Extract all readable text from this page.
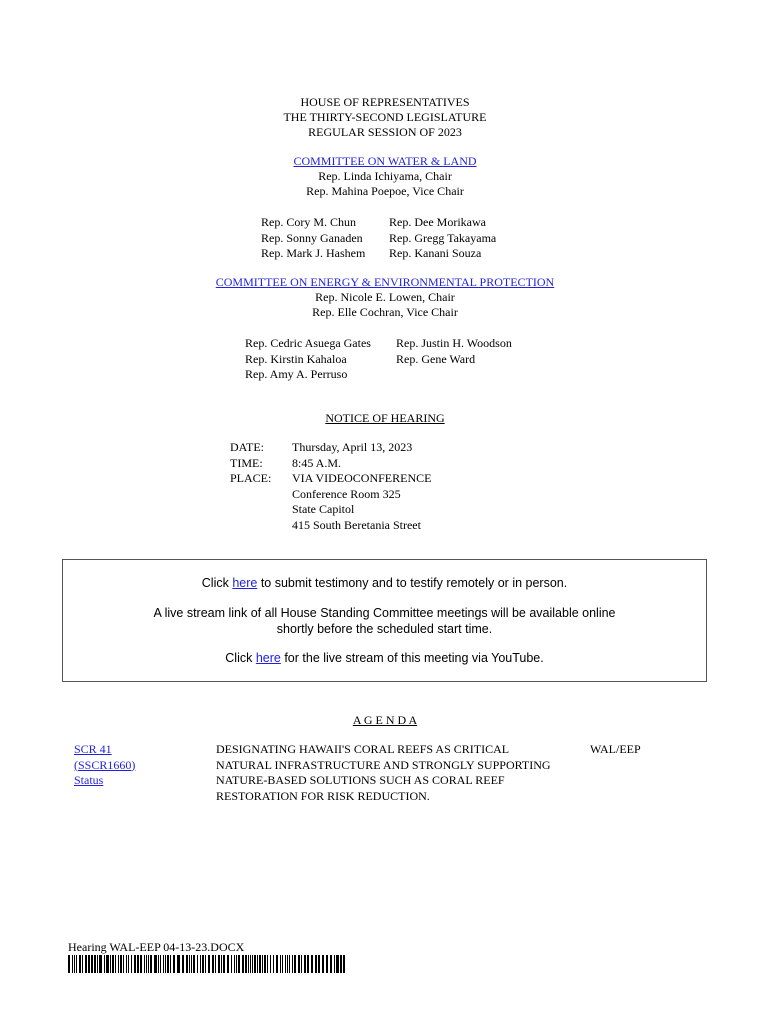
HOUSE OF REPRESENTATIVES
THE THIRTY-SECOND LEGISLATURE
REGULAR SESSION OF 2023
COMMITTEE ON WATER & LAND
Rep. Linda Ichiyama, Chair
Rep. Mahina Poepoe, Vice Chair
Rep. Cory M. Chun
Rep. Sonny Ganaden
Rep. Mark J. Hashem
Rep. Dee Morikawa
Rep. Gregg Takayama
Rep. Kanani Souza
COMMITTEE ON ENERGY & ENVIRONMENTAL PROTECTION
Rep. Nicole E. Lowen, Chair
Rep. Elle Cochran, Vice Chair
Rep. Cedric Asuega Gates
Rep. Kirstin Kahaloa
Rep. Amy A. Perruso
Rep. Justin H. Woodson
Rep. Gene Ward
NOTICE OF HEARING
DATE:
TIME:
PLACE:
Thursday, April 13, 2023
8:45 A.M.
VIA VIDEOCONFERENCE
Conference Room 325
State Capitol
415 South Beretania Street
Click here to submit testimony and to testify remotely or in person.
A live stream link of all House Standing Committee meetings will be available online
shortly before the scheduled start time.
Click here for the live stream of this meeting via YouTube.
A G E N D A
SCR 41
(SSCR1660)
Status
DESIGNATING HAWAII'S CORAL REEFS AS CRITICAL
NATURAL INFRASTRUCTURE AND STRONGLY SUPPORTING
NATURE-BASED SOLUTIONS SUCH AS CORAL REEF
RESTORATION FOR RISK REDUCTION.
WAL/EEP
Hearing WAL-EEP 04-13-23.DOCX
